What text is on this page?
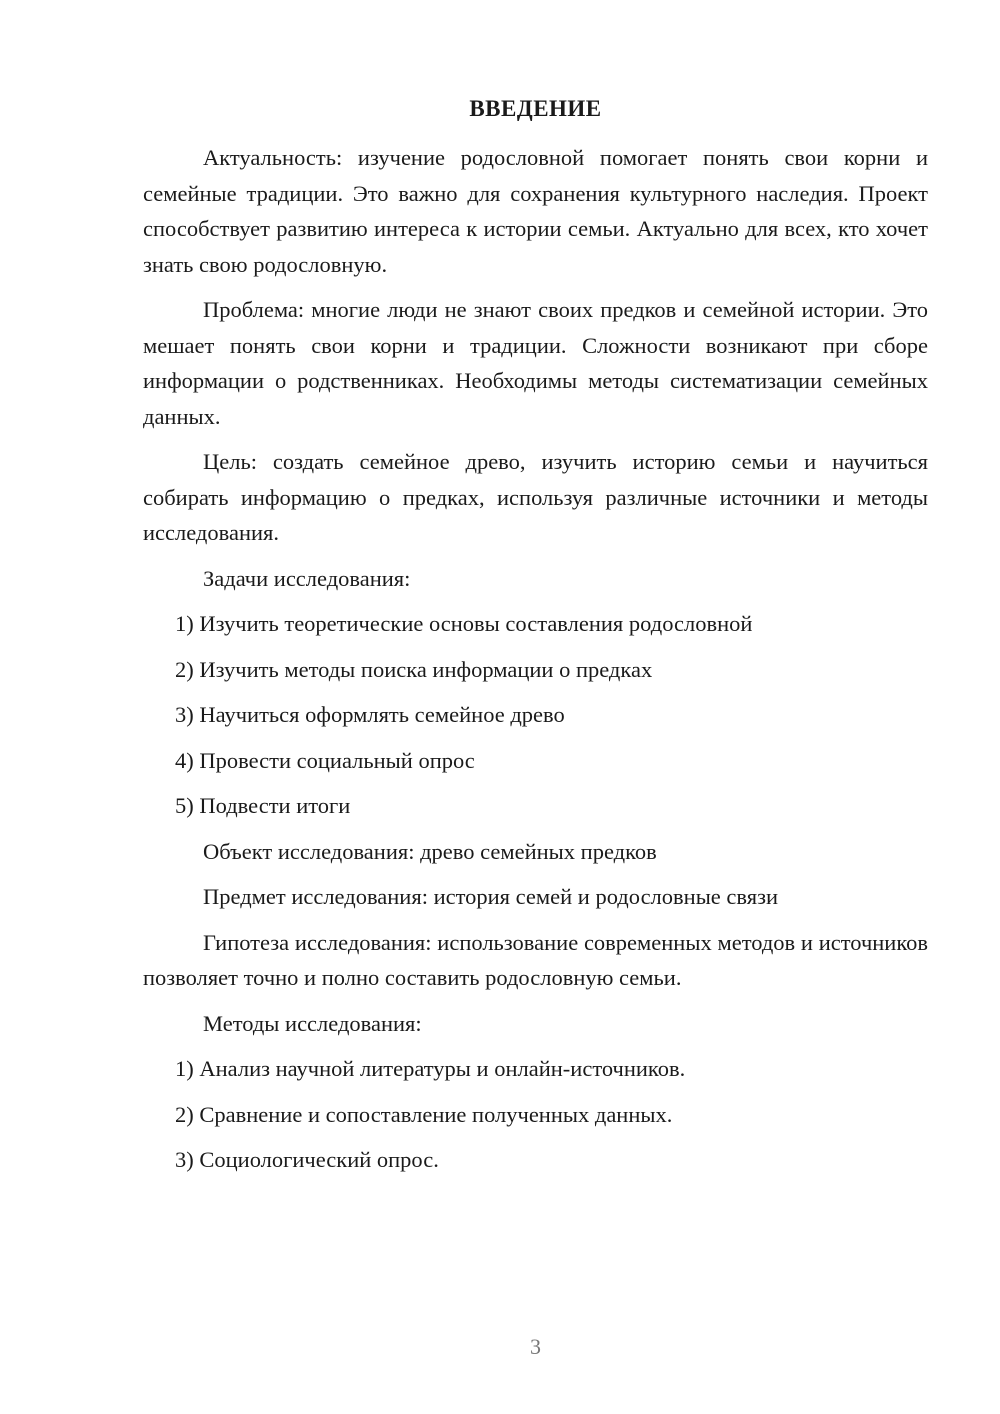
ВВЕДЕНИЕ

Актуальность: изучение родословной помогает понять свои корни и семейные традиции. Это важно для сохранения культурного наследия. Проект способствует развитию интереса к истории семьи. Актуально для всех, кто хочет знать свою родословную.

Проблема: многие люди не знают своих предков и семейной истории. Это мешает понять свои корни и традиции. Сложности возникают при сборе информации о родственниках. Необходимы методы систематизации семейных данных.

Цель: создать семейное древо, изучить историю семьи и научиться собирать информацию о предках, используя различные источники и методы исследования.

Задачи исследования:

1) Изучить теоретические основы составления родословной

2) Изучить методы поиска информации о предках

3) Научиться оформлять семейное древо

4) Провести социальный опрос

5) Подвести итоги

Объект исследования: древо семейных предков

Предмет исследования: история семей и родословные связи

Гипотеза исследования: использование современных методов и источников позволяет точно и полно составить родословную семьи.

Методы исследования:

1) Анализ научной литературы и онлайн-источников.

2) Сравнение и сопоставление полученных данных.

3) Социологический опрос.

3
